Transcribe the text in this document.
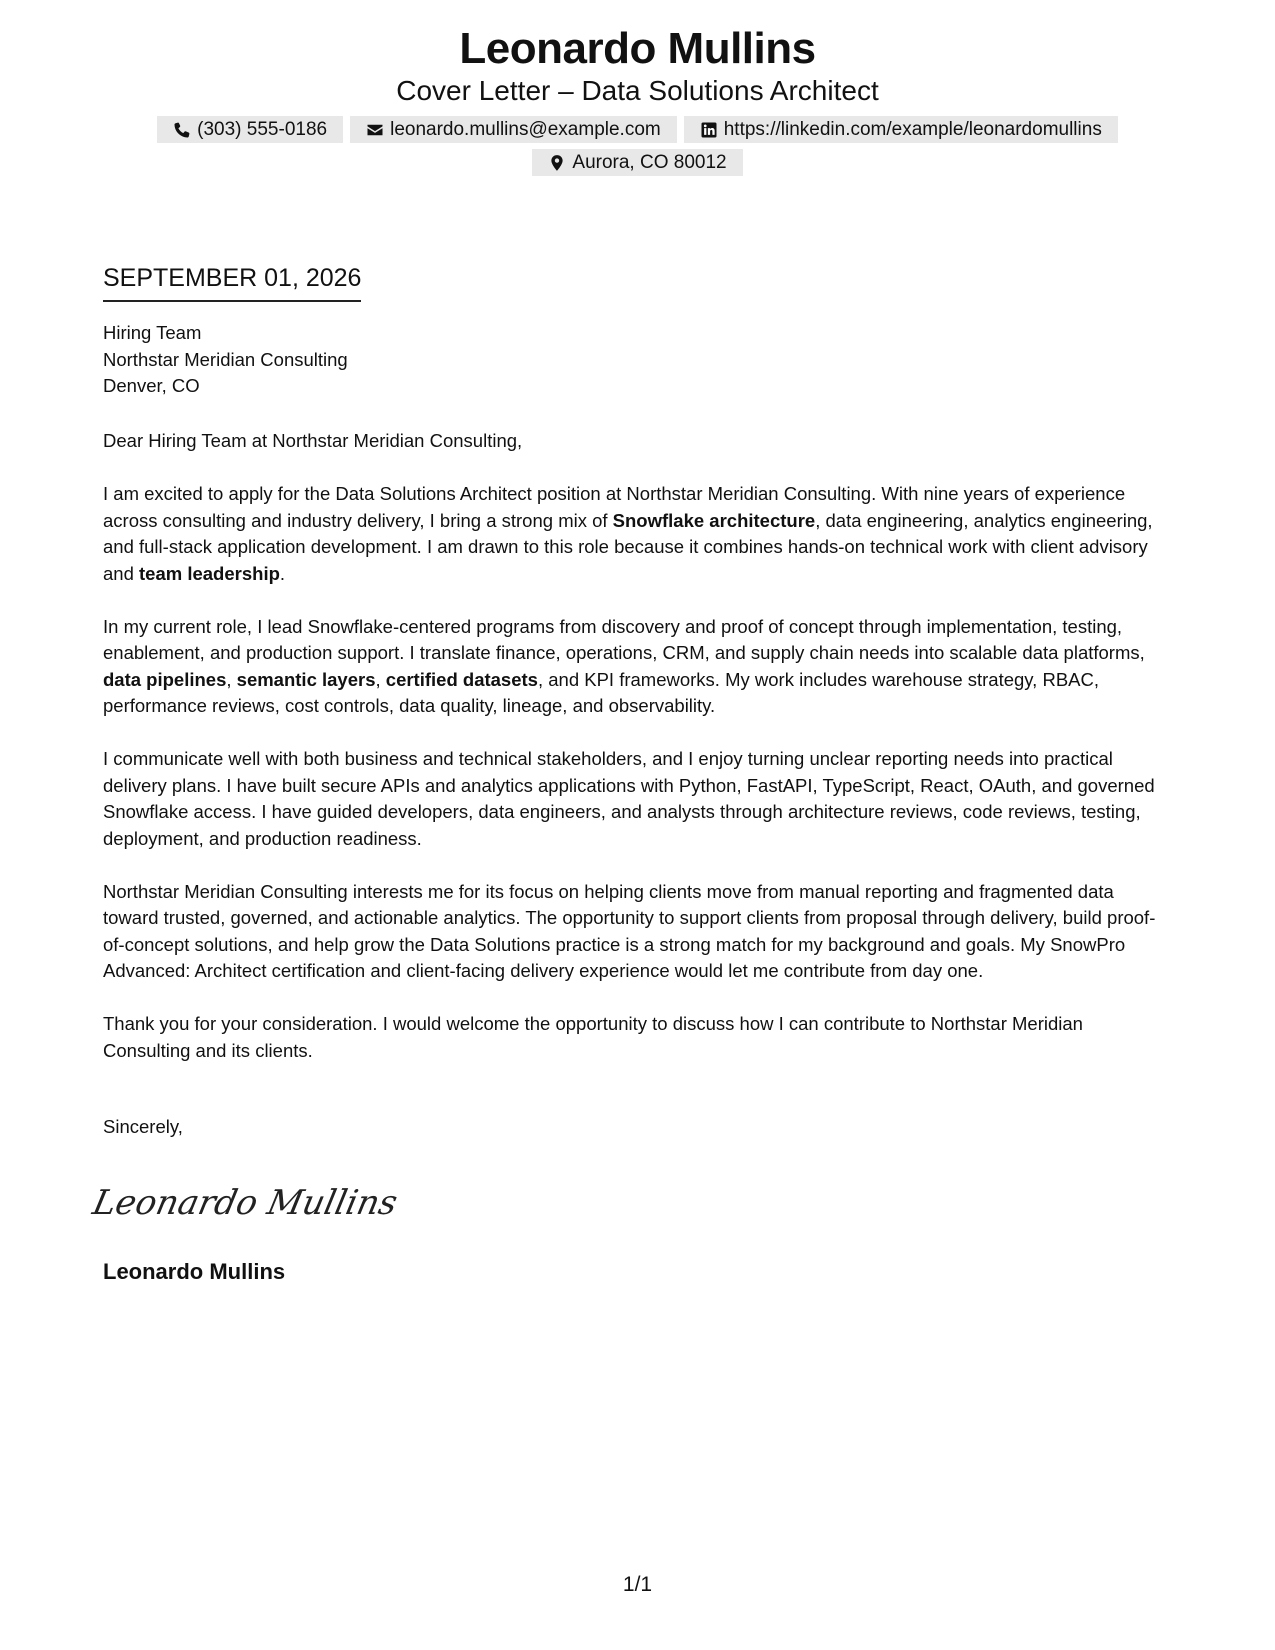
Leonardo Mullins
Cover Letter – Data Solutions Architect
(303) 555-0186	leonardo.mullins@example.com	https://linkedin.com/example/leonardomullins
Aurora, CO 80012
SEPTEMBER 01, 2026
Hiring Team
Northstar Meridian Consulting
Denver, CO
Dear Hiring Team at Northstar Meridian Consulting,

I am excited to apply for the Data Solutions Architect position at Northstar Meridian Consulting. With nine years of experience across consulting and industry delivery, I bring a strong mix of Snowflake architecture, data engineering, analytics engineering, and full-stack application development. I am drawn to this role because it combines hands-on technical work with client advisory and team leadership.

In my current role, I lead Snowflake-centered programs from discovery and proof of concept through implementation, testing, enablement, and production support. I translate finance, operations, CRM, and supply chain needs into scalable data platforms, data pipelines, semantic layers, certified datasets, and KPI frameworks. My work includes warehouse strategy, RBAC, performance reviews, cost controls, data quality, lineage, and observability.

I communicate well with both business and technical stakeholders, and I enjoy turning unclear reporting needs into practical delivery plans. I have built secure APIs and analytics applications with Python, FastAPI, TypeScript, React, OAuth, and governed Snowflake access. I have guided developers, data engineers, and analysts through architecture reviews, code reviews, testing, deployment, and production readiness.

Northstar Meridian Consulting interests me for its focus on helping clients move from manual reporting and fragmented data toward trusted, governed, and actionable analytics. The opportunity to support clients from proposal through delivery, build proof-of-concept solutions, and help grow the Data Solutions practice is a strong match for my background and goals. My SnowPro Advanced: Architect certification and client-facing delivery experience would let me contribute from day one.

Thank you for your consideration. I would welcome the opportunity to discuss how I can contribute to Northstar Meridian Consulting and its clients.

Sincerely,
Leonardo Mullins
Leonardo Mullins
1/1
